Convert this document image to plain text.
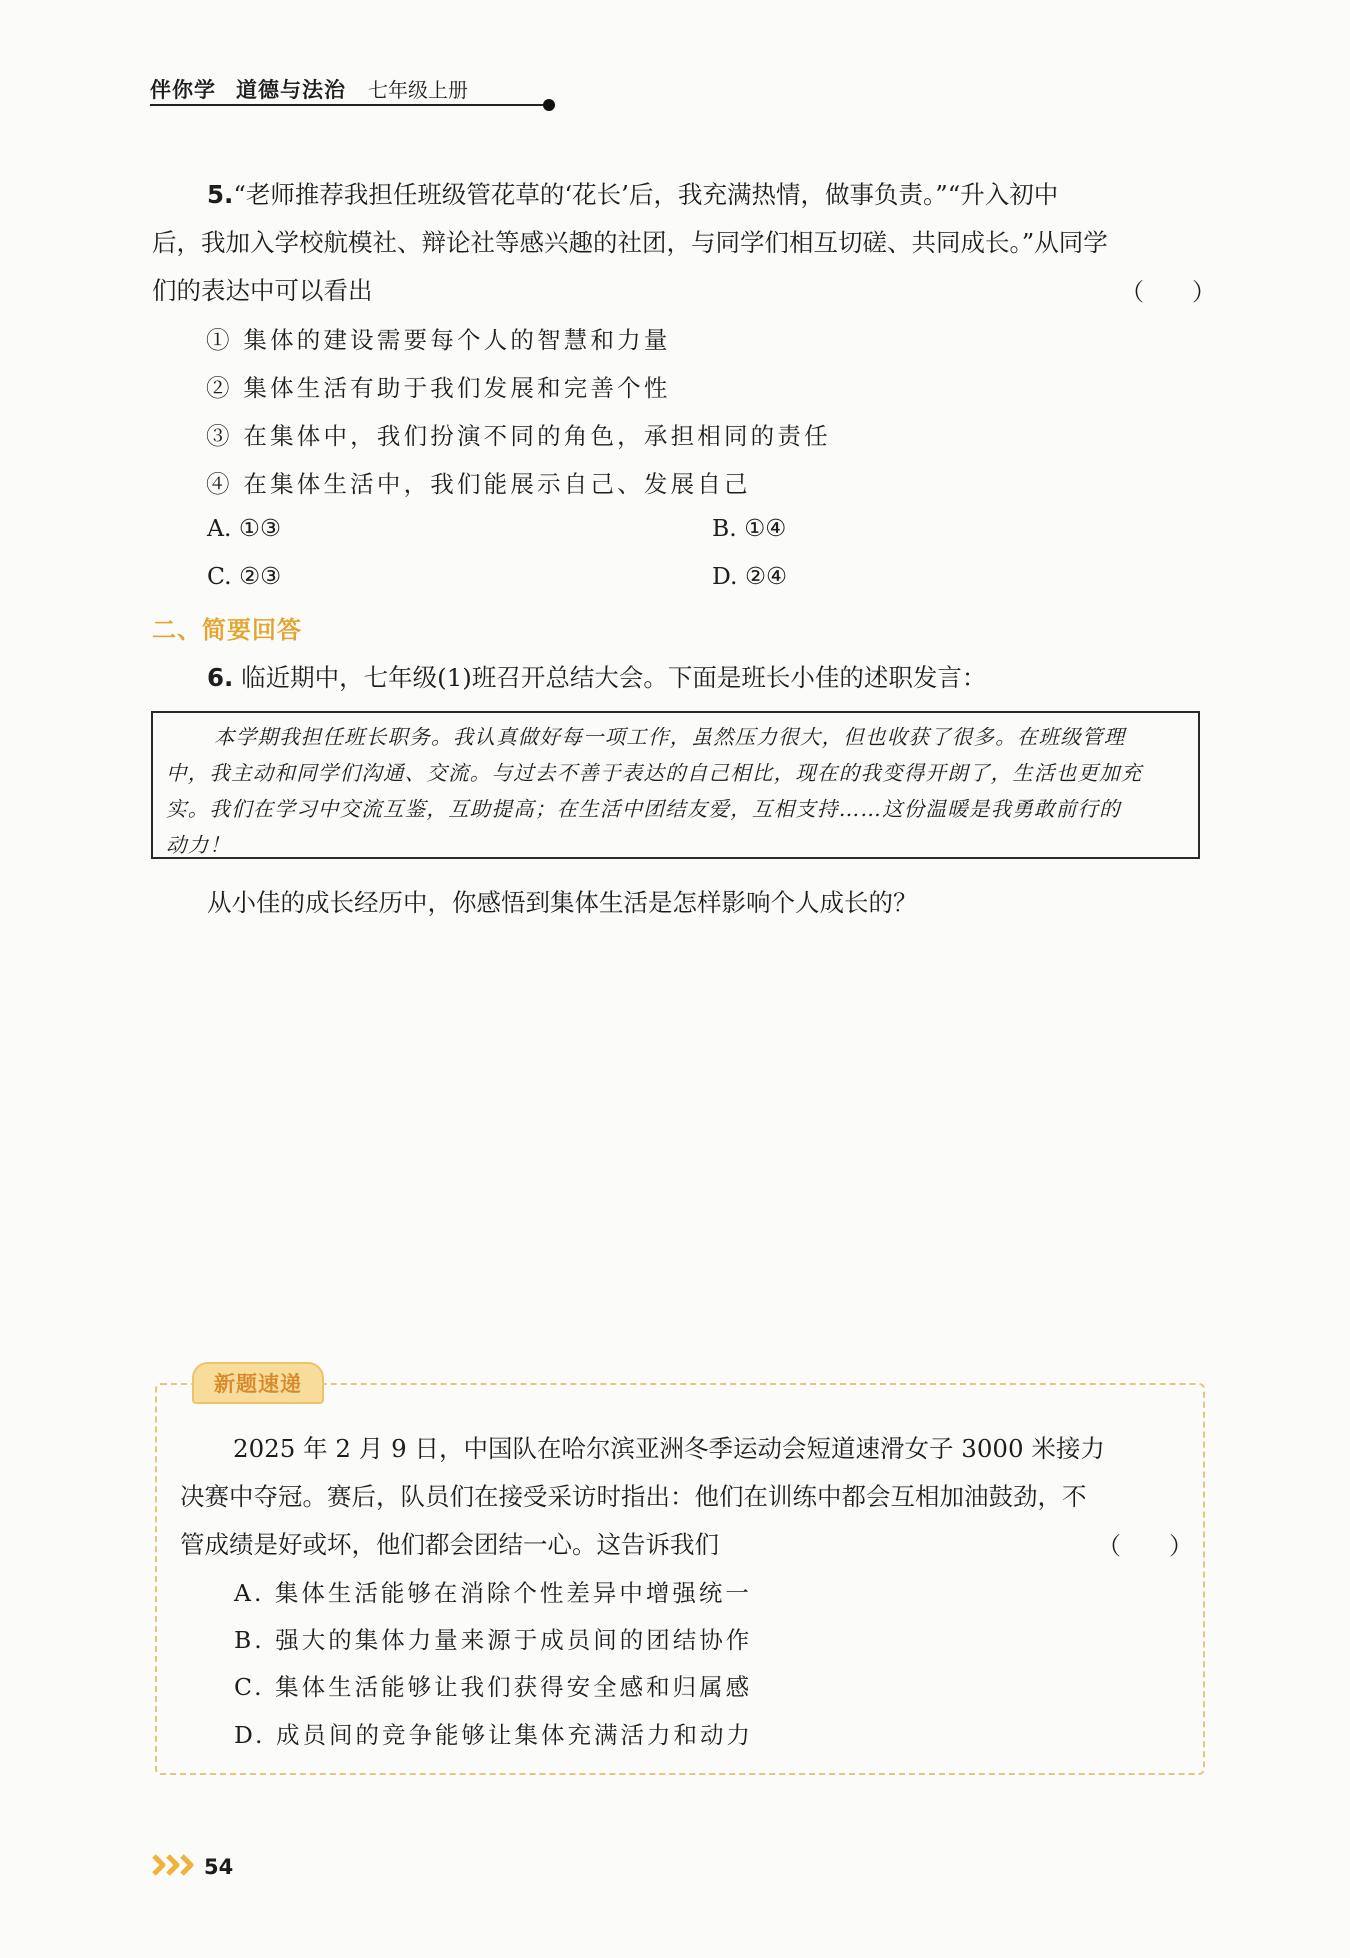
伴你学 道德与法治 七年级上册
5.“老师推荐我担任班级管花草的‘花长’后，我充满热情，做事负责。”“升入初中
后，我加入学校航模社、辩论社等感兴趣的社团，与同学们相互切磋、共同成长。”从同学
们的表达中可以看出	（　　）
① 集体的建设需要每个人的智慧和力量
② 集体生活有助于我们发展和完善个性
③ 在集体中，我们扮演不同的角色，承担相同的责任
④ 在集体生活中，我们能展示自己、发展自己
A. ①③	B. ①④
C. ②③	D. ②④
二、简要回答
6. 临近期中，七年级(1)班召开总结大会。下面是班长小佳的述职发言：
本学期我担任班长职务。我认真做好每一项工作，虽然压力很大，但也收获了很多。在班级管理
中，我主动和同学们沟通、交流。与过去不善于表达的自己相比，现在的我变得开朗了，生活也更加充
实。我们在学习中交流互鉴，互助提高；在生活中团结友爱，互相支持……这份温暖是我勇敢前行的
动力！
从小佳的成长经历中，你感悟到集体生活是怎样影响个人成长的？
新题速递
2025 年 2 月 9 日，中国队在哈尔滨亚洲冬季运动会短道速滑女子 3000 米接力
决赛中夺冠。赛后，队员们在接受采访时指出：他们在训练中都会互相加油鼓劲，不
管成绩是好或坏，他们都会团结一心。这告诉我们	（　　）
A. 集体生活能够在消除个性差异中增强统一
B. 强大的集体力量来源于成员间的团结协作
C. 集体生活能够让我们获得安全感和归属感
D. 成员间的竞争能够让集体充满活力和动力
54
